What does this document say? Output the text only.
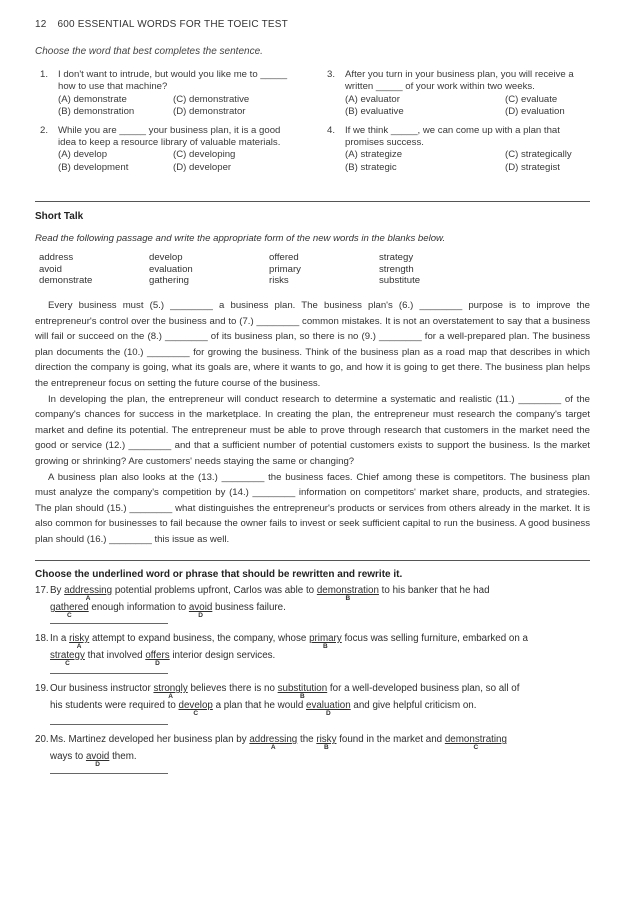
12 600 ESSENTIAL WORDS FOR THE TOEIC TEST
Choose the word that best completes the sentence.
1. I don't want to intrude, but would you like me to _____ how to use that machine?
(A) demonstrate	(C) demonstrative
(B) demonstration	(D) demonstrator
2. While you are _____ your business plan, it is a good idea to keep a resource library of valuable materials.
(A) develop	(C) developing
(B) development	(D) developer
3. After you turn in your business plan, you will receive a written _____ of your work within two weeks.
(A) evaluator	(C) evaluate
(B) evaluative	(D) evaluation
4. If we think _____, we can come up with a plan that promises success.
(A) strategize	(C) strategically
(B) strategic	(D) strategist
Short Talk
Read the following passage and write the appropriate form of the new words in the blanks below.
address	develop	offered	strategy
avoid	evaluation	primary	strength
demonstrate	gathering	risks	substitute

Every business must (5.) ________ a business plan. The business plan's (6.) ________ purpose is to improve the entrepreneur's control over the business and to (7.) ________ common mistakes. It is not an overstatement to say that a business will fail or succeed on the (8.) ________ of its business plan, so there is no (9.) ________ for a well-prepared plan. The business plan documents the (10.) ________ for growing the business. Think of the business plan as a road map that describes in which direction the company is going, what its goals are, where it wants to go, and how it is going to get there. The business plan helps the entrepreneur focus on setting the future course of the business.

In developing the plan, the entrepreneur will conduct research to determine a systematic and realistic (11.) ________ of the company's chances for success in the marketplace. In creating the plan, the entrepreneur must research the company's target market and define its potential. The entrepreneur must be able to prove through research that customers in the market need the good or service (12.) ________ and that a sufficient number of potential customers exists to support the business. Is the market growing or shrinking? Are customers' needs staying the same or changing?

A business plan also looks at the (13.) ________ the business faces. Chief among these is competitors. The business plan must analyze the company's competition by (14.) ________ information on competitors' market share, products, and strategies. The plan should (15.) ________ what distinguishes the entrepreneur's products or services from others already in the market. It is also common for businesses to fail because the owner fails to invest or seek sufficient capital to run the business. A good business plan should (16.) ________ this issue as well.

Choose the underlined word or phrase that should be rewritten and rewrite it.
17. By addressing
A
potential problems upfront, Carlos was able to demonstration
B
to his banker that he had
gathered
C
enough information to avoid
D
business failure.
18. In a risky
A
attempt to expand business, the company, whose primary
B
focus was selling furniture, embarked on a
strategy
C
that involved offers
D
interior design services.
19. Our business instructor strongly
A
believes there is no substitution
B
for a well-developed business plan, so all of
his students were required to develop
C
a plan that he would evaluation
D
and give helpful criticism on.
20. Ms. Martinez developed her business plan by addressing
A
the risky
B
found in the market and demonstrating
C
ways to avoid
D
them.
